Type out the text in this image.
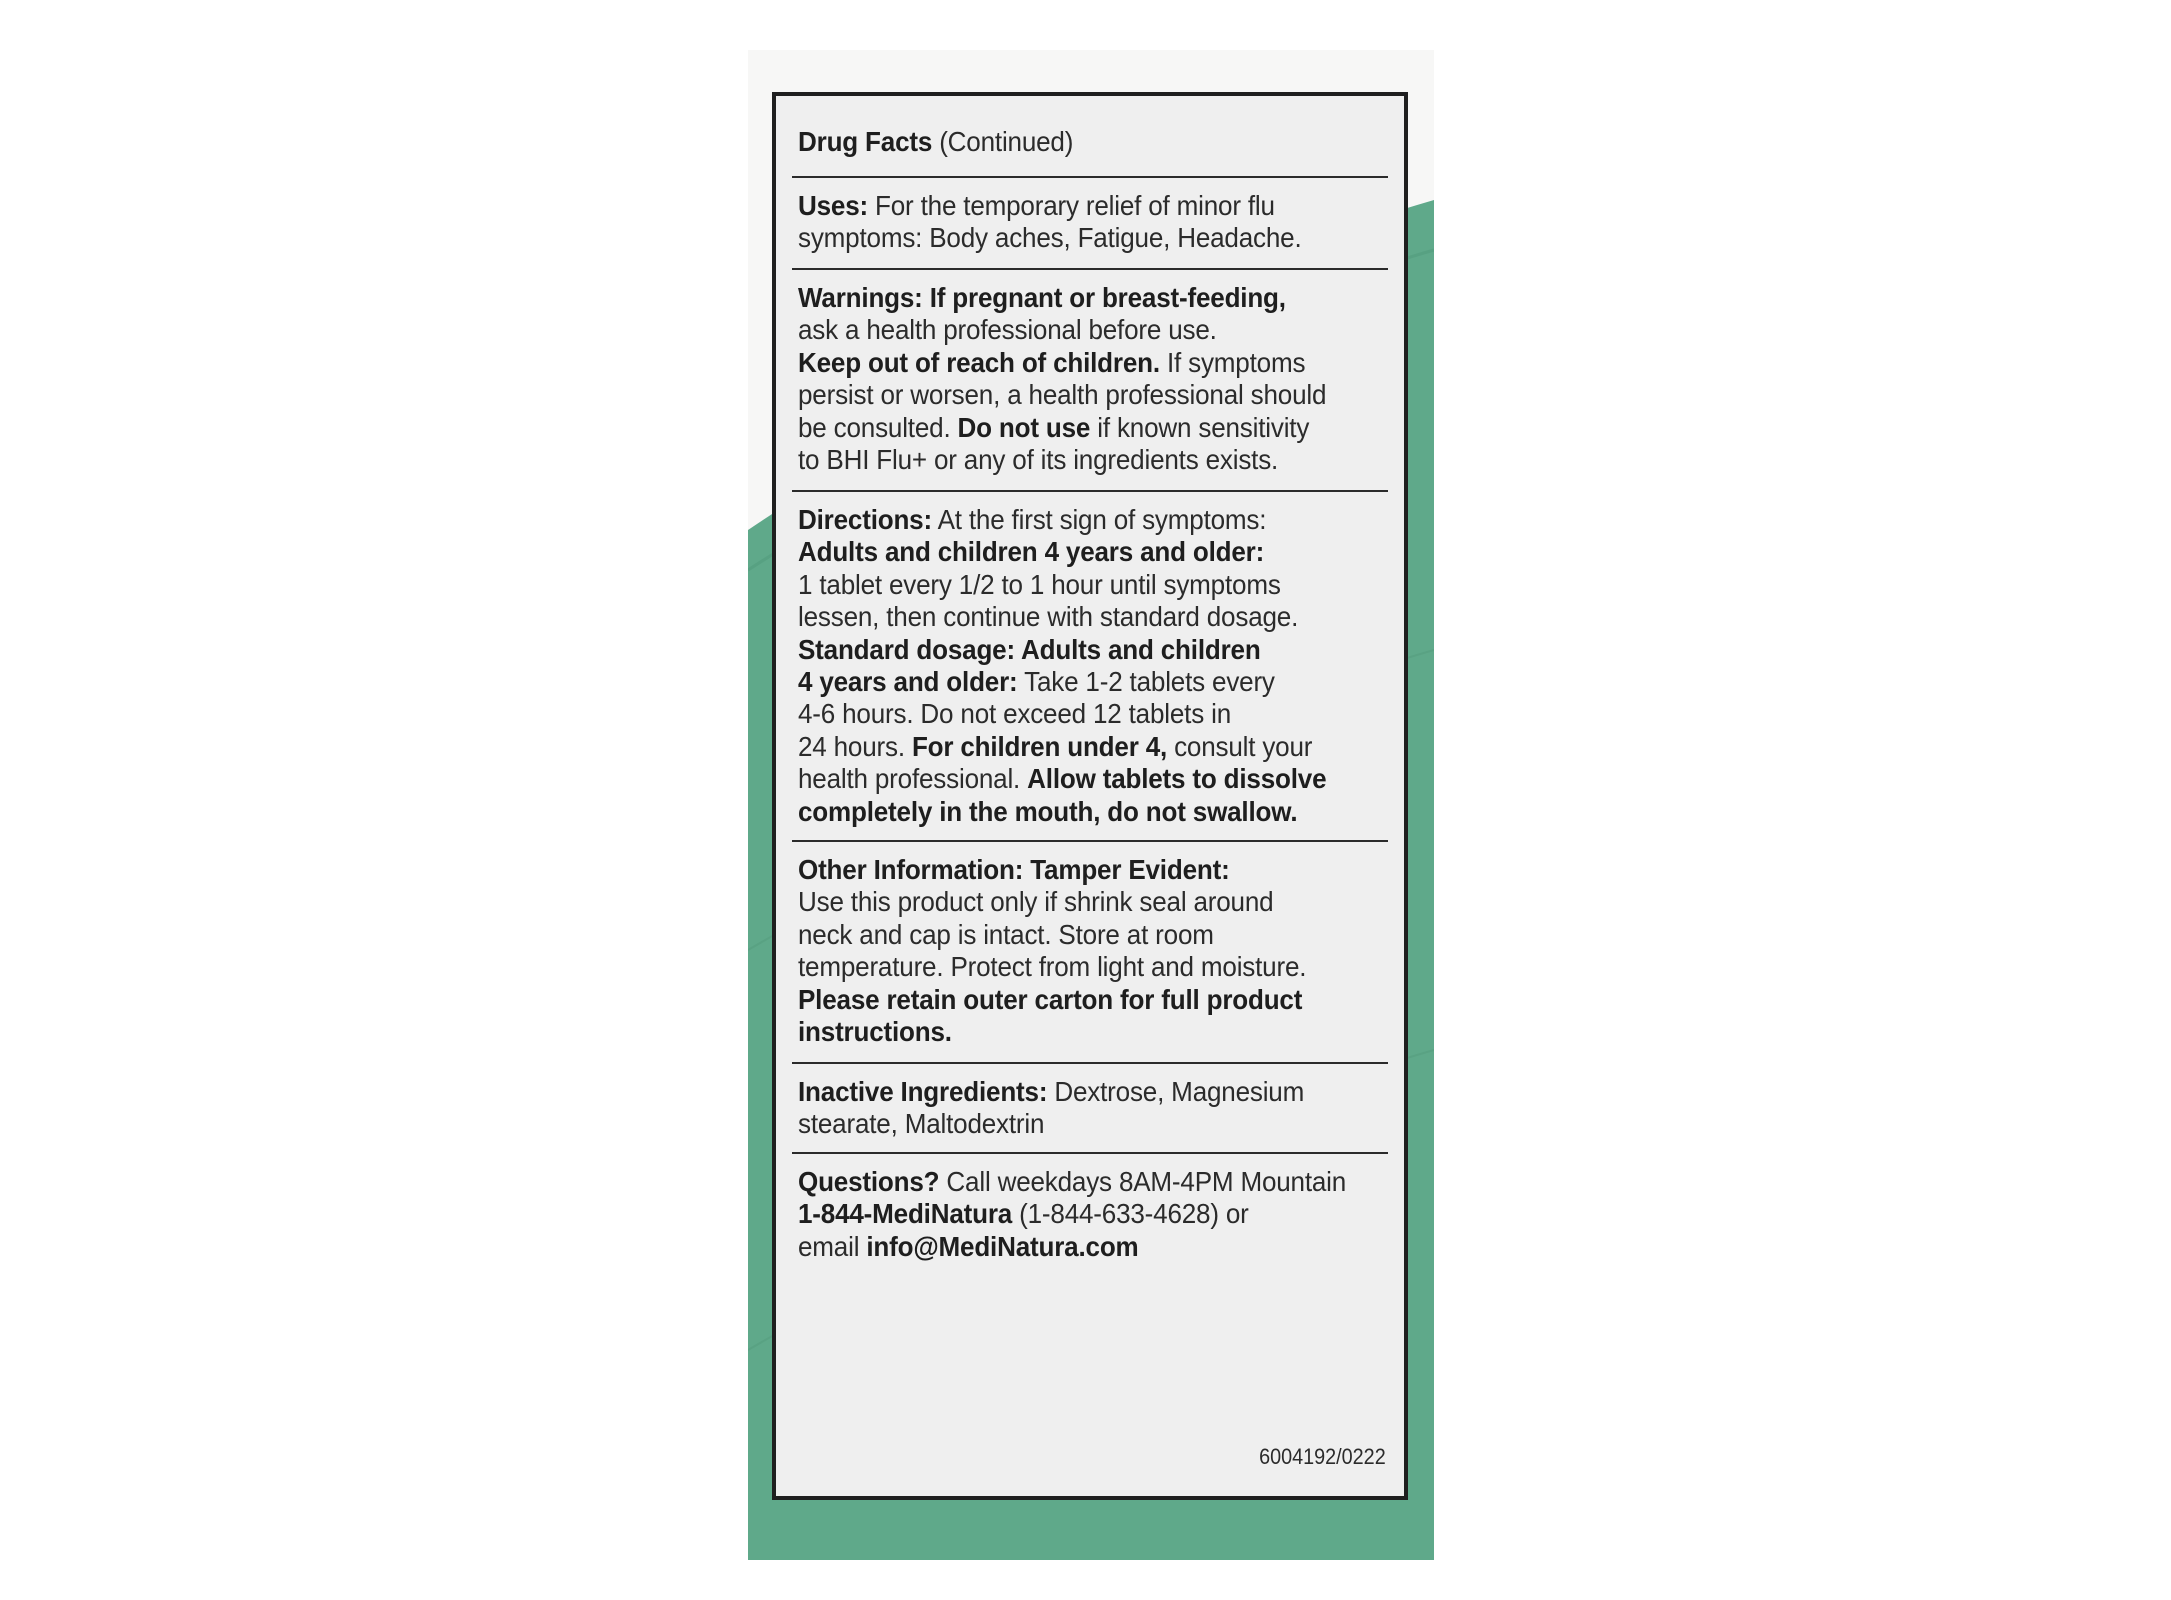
Drug Facts (Continued)
Uses: For the temporary relief of minor flu
symptoms: Body aches, Fatigue, Headache.
Warnings: If pregnant or breast-feeding,
ask a health professional before use.
Keep out of reach of children. If symptoms
persist or worsen, a health professional should
be consulted. Do not use if known sensitivity
to BHI Flu+ or any of its ingredients exists.
Directions: At the first sign of symptoms:
Adults and children 4 years and older:
1 tablet every 1/2 to 1 hour until symptoms
lessen, then continue with standard dosage.
Standard dosage: Adults and children
4 years and older: Take 1-2 tablets every
4-6 hours. Do not exceed 12 tablets in
24 hours. For children under 4, consult your
health professional. Allow tablets to dissolve
completely in the mouth, do not swallow.
Other Information: Tamper Evident:
Use this product only if shrink seal around
neck and cap is intact. Store at room
temperature. Protect from light and moisture.
Please retain outer carton for full product
instructions.
Inactive Ingredients: Dextrose, Magnesium
stearate, Maltodextrin
Questions? Call weekdays 8AM-4PM Mountain
1-844-MediNatura (1-844-633-4628) or
email info@MediNatura.com
6004192/0222
